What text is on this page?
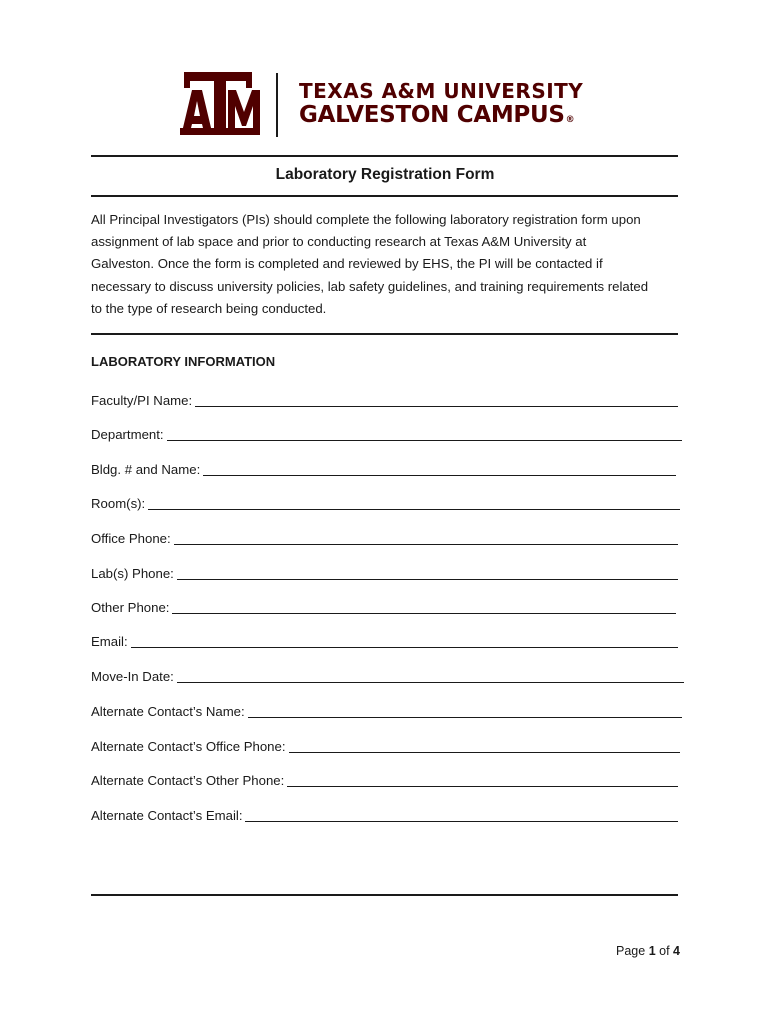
TEXAS A&M UNIVERSITY
GALVESTON CAMPUS®
Laboratory Registration Form
All Principal Investigators (PIs) should complete the following laboratory registration form upon
assignment of lab space and prior to conducting research at Texas A&M University at
Galveston. Once the form is completed and reviewed by EHS, the PI will be contacted if
necessary to discuss university policies, lab safety guidelines, and training requirements related
to the type of research being conducted.
LABORATORY INFORMATION
Faculty/PI Name:
Department:
Bldg. # and Name:
Room(s):
Office Phone:
Lab(s) Phone:
Other Phone:
Email:
Move-In Date:
Alternate Contact’s Name:
Alternate Contact’s Office Phone:
Alternate Contact’s Other Phone:
Alternate Contact’s Email:
Page 1 of 4
